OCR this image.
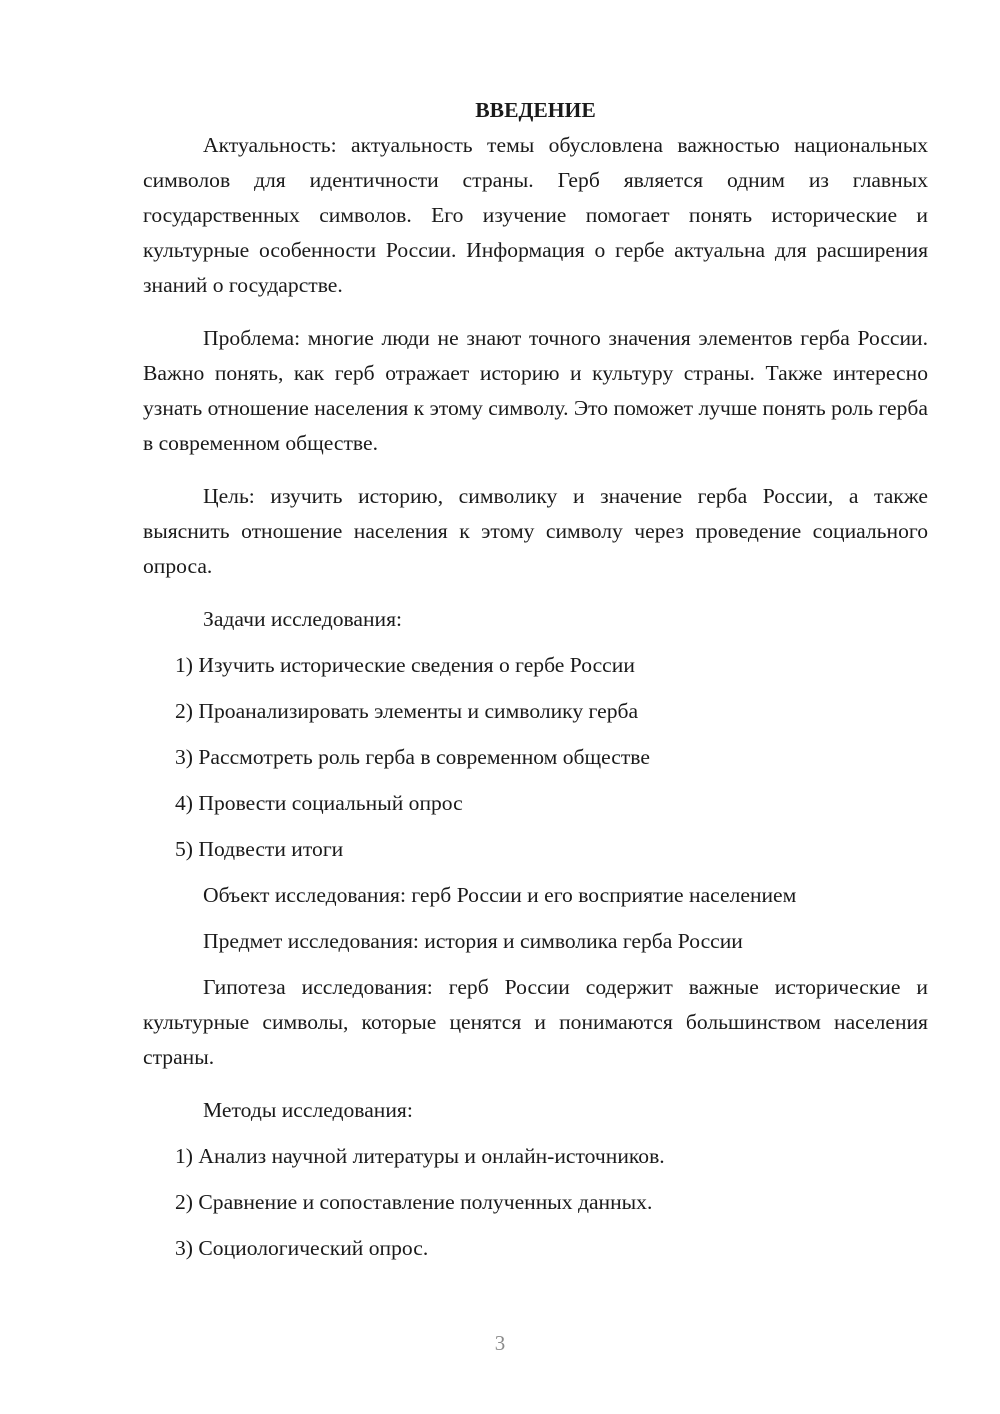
ВВЕДЕНИЕ

Актуальность: актуальность темы обусловлена важностью национальных символов для идентичности страны. Герб является одним из главных государственных символов. Его изучение помогает понять исторические и культурные особенности России. Информация о гербе актуальна для расширения знаний о государстве.

Проблема: многие люди не знают точного значения элементов герба России. Важно понять, как герб отражает историю и культуру страны. Также интересно узнать отношение населения к этому символу. Это поможет лучше понять роль герба в современном обществе.

Цель: изучить историю, символику и значение герба России, а также выяснить отношение населения к этому символу через проведение социального опроса.

Задачи исследования:

1) Изучить исторические сведения о гербе России

2) Проанализировать элементы и символику герба

3) Рассмотреть роль герба в современном обществе

4) Провести социальный опрос

5) Подвести итоги

Объект исследования: герб России и его восприятие населением

Предмет исследования: история и символика герба России

Гипотеза исследования: герб России содержит важные исторические и культурные символы, которые ценятся и понимаются большинством населения страны.

Методы исследования:

1) Анализ научной литературы и онлайн-источников.

2) Сравнение и сопоставление полученных данных.

3) Социологический опрос.

3
